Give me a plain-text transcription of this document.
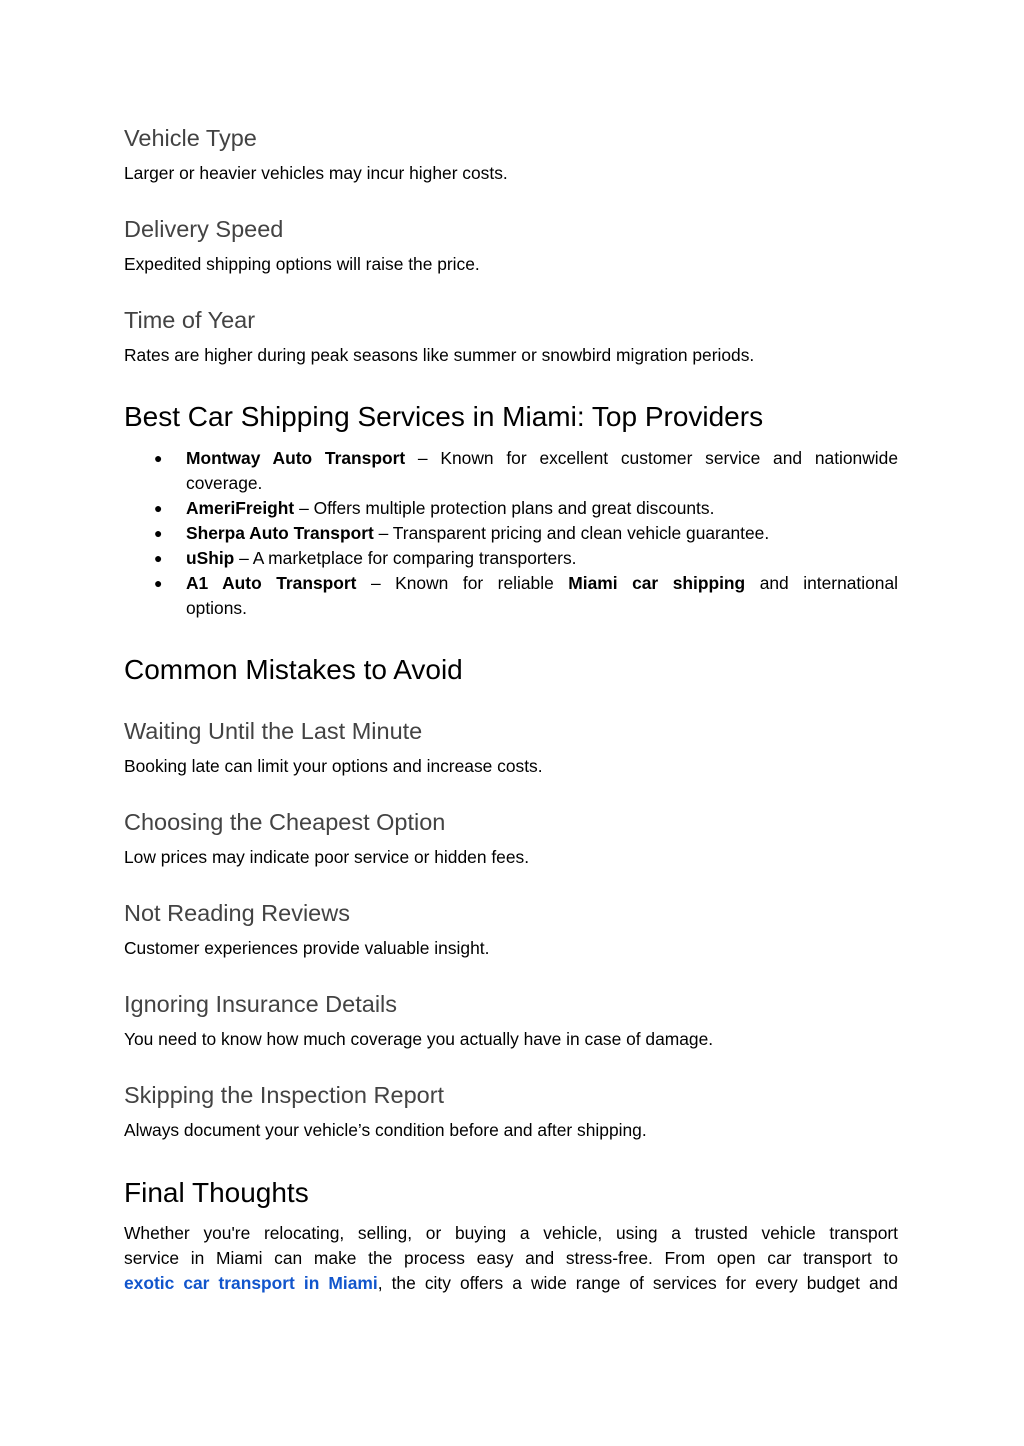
Vehicle Type
Larger or heavier vehicles may incur higher costs.
Delivery Speed
Expedited shipping options will raise the price.
Time of Year
Rates are higher during peak seasons like summer or snowbird migration periods.
Best Car Shipping Services in Miami: Top Providers
● Montway Auto Transport – Known for excellent customer service and nationwide
coverage.
● AmeriFreight – Offers multiple protection plans and great discounts.
● Sherpa Auto Transport – Transparent pricing and clean vehicle guarantee.
● uShip – A marketplace for comparing transporters.
● A1 Auto Transport – Known for reliable Miami car shipping and international
options.
Common Mistakes to Avoid
Waiting Until the Last Minute
Booking late can limit your options and increase costs.
Choosing the Cheapest Option
Low prices may indicate poor service or hidden fees.
Not Reading Reviews
Customer experiences provide valuable insight.
Ignoring Insurance Details
You need to know how much coverage you actually have in case of damage.
Skipping the Inspection Report
Always document your vehicle’s condition before and after shipping.
Final Thoughts
Whether you're relocating, selling, or buying a vehicle, using a trusted vehicle transport
service in Miami can make the process easy and stress-free. From open car transport to
exotic car transport in Miami, the city offers a wide range of services for every budget and
